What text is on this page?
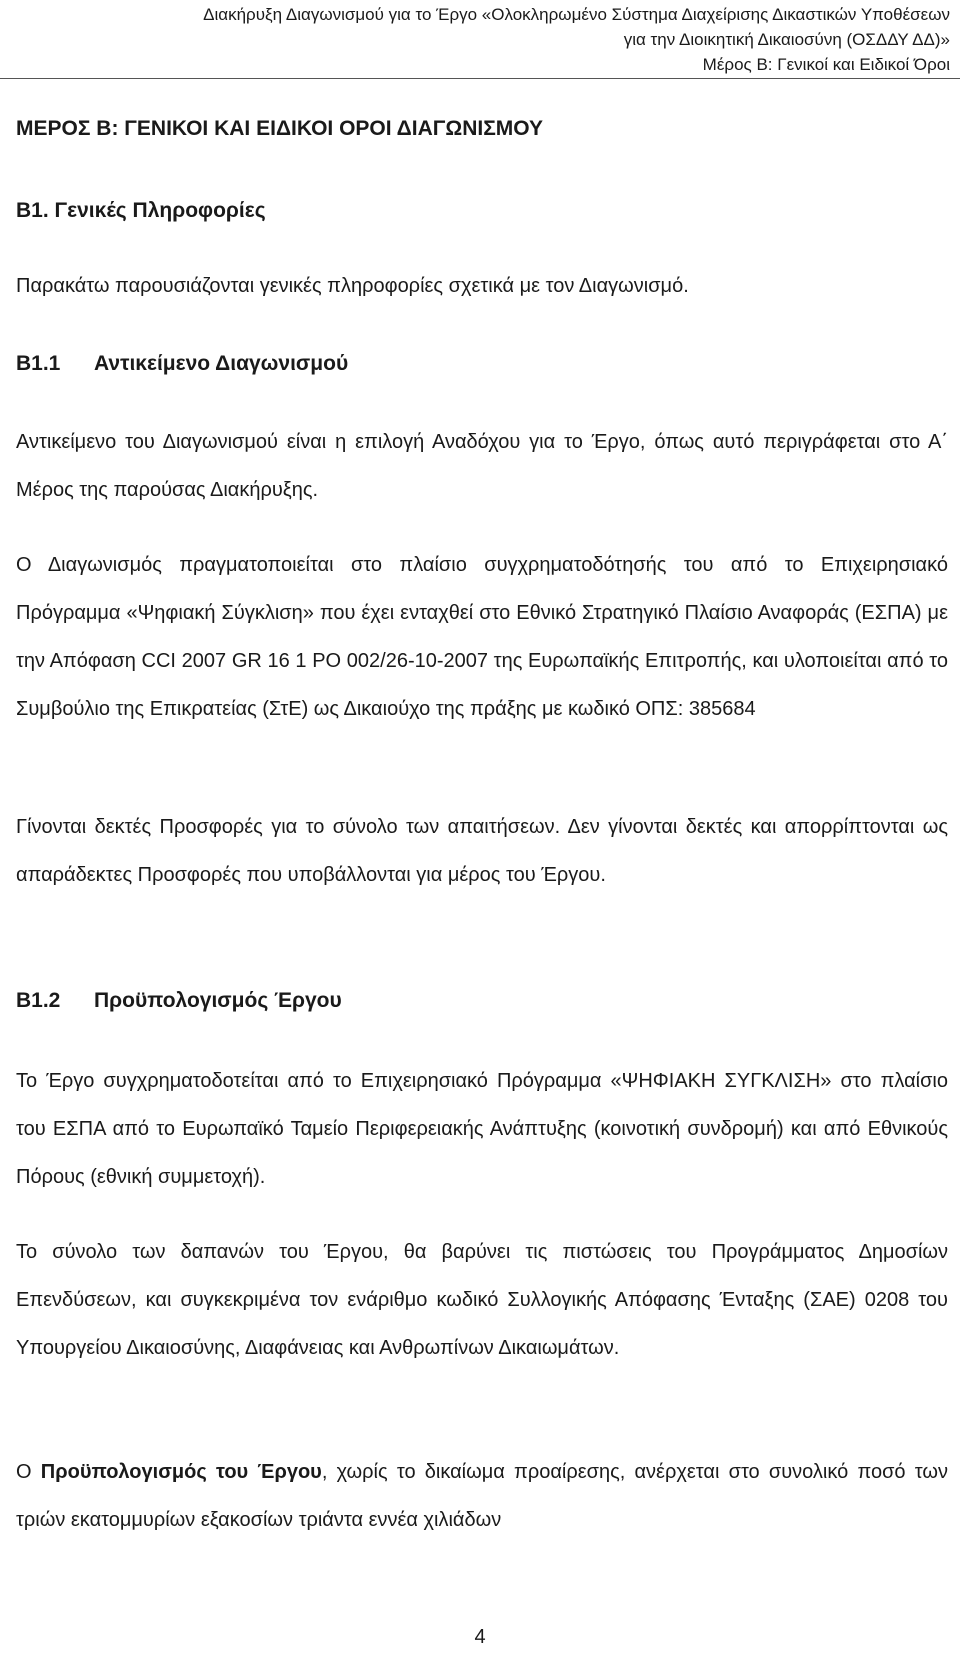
Διακήρυξη Διαγωνισμού για το Έργο «Ολοκληρωμένο Σύστημα Διαχείρισης Δικαστικών Υποθέσεων
για την Διοικητική Δικαιοσύνη (ΟΣΔΔΥ ΔΔ)»
Μέρος Β: Γενικοί και Ειδικοί Όροι
ΜΕΡΟΣ Β: ΓΕΝΙΚΟΙ ΚΑΙ ΕΙΔΙΚΟΙ ΟΡΟΙ ΔΙΑΓΩΝΙΣΜΟΥ
Β1. Γενικές Πληροφορίες

Παρακάτω παρουσιάζονται γενικές πληροφορίες σχετικά με τον Διαγωνισμό.

Β1.1 Αντικείμενο Διαγωνισμού

Αντικείμενο του Διαγωνισμού είναι η επιλογή Αναδόχου για το Έργο, όπως αυτό περιγράφεται στο Α΄ Μέρος της παρούσας Διακήρυξης.

Ο Διαγωνισμός πραγματοποιείται στο πλαίσιο συγχρηματοδότησής του από το Επιχειρησιακό Πρόγραμμα «Ψηφιακή Σύγκλιση» που έχει ενταχθεί στο Εθνικό Στρατηγικό Πλαίσιο Αναφοράς (ΕΣΠΑ) με την Απόφαση CCI 2007 GR 16 1 PO 002/26-10-2007 της Ευρωπαϊκής Επιτροπής, και υλοποιείται από το Συμβούλιο της Επικρατείας (ΣτΕ) ως Δικαιούχο της πράξης με κωδικό ΟΠΣ: 385684

Γίνονται δεκτές Προσφορές για το σύνολο των απαιτήσεων. Δεν γίνονται δεκτές και απορρίπτονται ως απαράδεκτες Προσφορές που υποβάλλονται για μέρος του Έργου.

Β1.2 Προϋπολογισμός Έργου

Το Έργο συγχρηματοδοτείται από το Επιχειρησιακό Πρόγραμμα «ΨΗΦΙΑΚΗ ΣΥΓΚΛΙΣΗ» στο πλαίσιο του ΕΣΠΑ από το Ευρωπαϊκό Ταμείο Περιφερειακής Ανάπτυξης (κοινοτική συνδρομή) και από Εθνικούς Πόρους (εθνική συμμετοχή).

Το σύνολο των δαπανών του Έργου, θα βαρύνει τις πιστώσεις του Προγράμματος Δημοσίων Επενδύσεων, και συγκεκριμένα τον ενάριθμο κωδικό Συλλογικής Απόφασης Ένταξης (ΣΑΕ) 0208 του Υπουργείου Δικαιοσύνης, Διαφάνειας και Ανθρωπίνων Δικαιωμάτων.

Ο Προϋπολογισμός του Έργου, χωρίς το δικαίωμα προαίρεσης, ανέρχεται στο συνολικό ποσό των τριών εκατομμυρίων εξακοσίων τριάντα εννέα χιλιάδων

4
